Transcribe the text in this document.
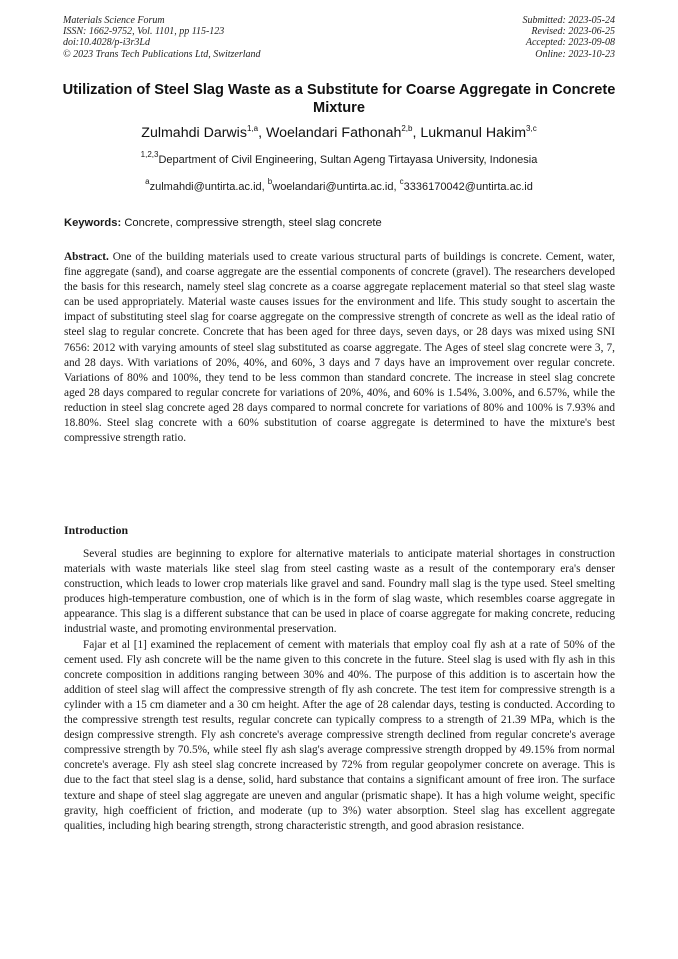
Materials Science Forum
ISSN: 1662-9752, Vol. 1101, pp 115-123
doi:10.4028/p-i3r3Ld
© 2023 Trans Tech Publications Ltd, Switzerland
Submitted: 2023-05-24
Revised: 2023-06-25
Accepted: 2023-09-08
Online: 2023-10-23
Utilization of Steel Slag Waste as a Substitute for Coarse Aggregate in Concrete Mixture
Zulmahdi Darwis$^{1,a}$, Woelandari Fathonah$^{2,b}$, Lukmanul Hakim$^{3,c}$
$^{1,2,3}$Department of Civil Engineering, Sultan Ageng Tirtayasa University, Indonesia
$^a$zulmahdi@untirta.ac.id, $^b$woelandari@untirta.ac.id, $^c$3336170042@untirta.ac.id
Keywords: Concrete, compressive strength, steel slag concrete
Abstract. One of the building materials used to create various structural parts of buildings is concrete. Cement, water, fine aggregate (sand), and coarse aggregate are the essential components of concrete (gravel). The researchers developed the basis for this research, namely steel slag concrete as a coarse aggregate replacement material so that steel slag waste can be used appropriately. Material waste causes issues for the environment and life. This study sought to ascertain the impact of substituting steel slag for coarse aggregate on the compressive strength of concrete as well as the ideal ratio of steel slag to regular concrete. Concrete that has been aged for three days, seven days, or 28 days was mixed using SNI 7656: 2012 with varying amounts of steel slag substituted as coarse aggregate. The Ages of steel slag concrete were 3, 7, and 28 days. With variations of 20%, 40%, and 60%, 3 days and 7 days have an improvement over regular concrete. Variations of 80% and 100%, they tend to be less common than standard concrete. The increase in steel slag concrete aged 28 days compared to regular concrete for variations of 20%, 40%, and 60% is 1.54%, 3.00%, and 6.57%, while the reduction in steel slag concrete aged 28 days compared to normal concrete for variations of 80% and 100% is 7.93% and 18.80%. Steel slag concrete with a 60% substitution of coarse aggregate is determined to have the mixture's best compressive strength ratio.
Introduction

Several studies are beginning to explore for alternative materials to anticipate material shortages in construction materials with waste materials like steel slag from steel casting waste as a result of the contemporary era's denser construction, which leads to lower crop materials like gravel and sand. Foundry mall slag is the type used. Steel smelting produces high-temperature combustion, one of which is in the form of slag waste, which resembles coarse aggregate in appearance. This slag is a different substance that can be used in place of coarse aggregate for making concrete, reducing industrial waste, and promoting environmental preservation.

Fajar et al [1] examined the replacement of cement with materials that employ coal fly ash at a rate of 50% of the cement used. Fly ash concrete will be the name given to this concrete in the future. Steel slag is used with fly ash in this concrete composition in additions ranging between 30% and 40%. The purpose of this addition is to ascertain how the addition of steel slag will affect the compressive strength of fly ash concrete. The test item for compressive strength is a cylinder with a 15 cm diameter and a 30 cm height. After the age of 28 calendar days, testing is conducted. According to the compressive strength test results, regular concrete can typically compress to a strength of 21.39 MPa, which is the design compressive strength. Fly ash concrete's average compressive strength declined from regular concrete's average compressive strength by 70.5%, while steel fly ash slag's average compressive strength dropped by 49.15% from normal concrete's average. Fly ash steel slag concrete increased by 72% from regular geopolymer concrete on average. This is due to the fact that steel slag is a dense, solid, hard substance that contains a significant amount of free iron. The surface texture and shape of steel slag aggregate are uneven and angular (prismatic shape). It has a high volume weight, specific gravity, high coefficient of friction, and moderate (up to 3%) water absorption. Steel slag has excellent aggregate qualities, including high bearing strength, strong characteristic strength, and good abrasion resistance.
